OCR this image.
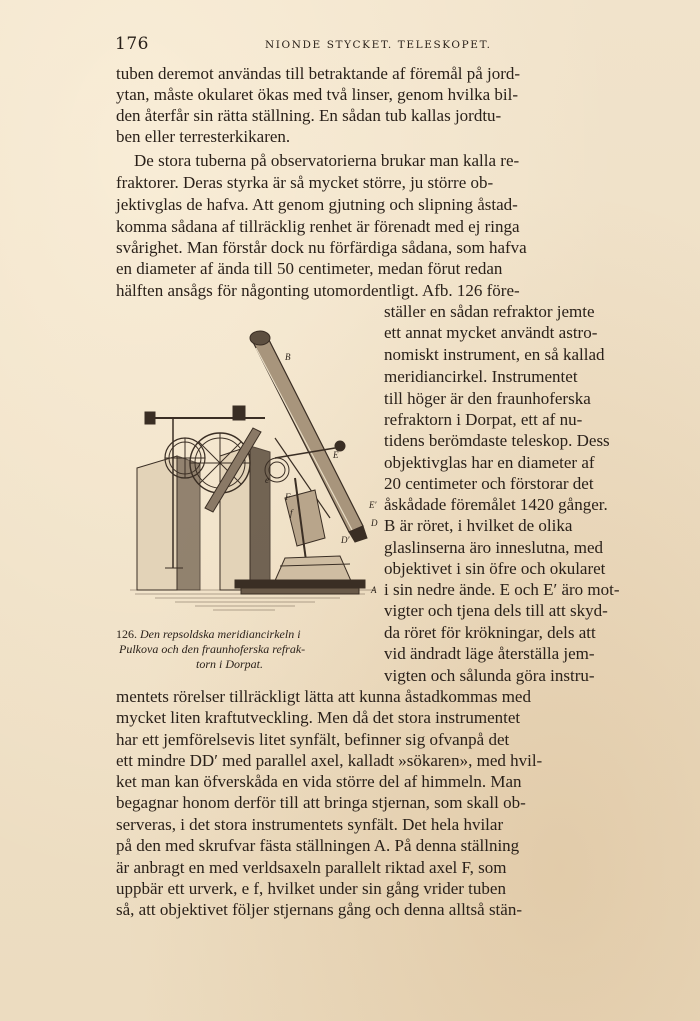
176	NIONDE STYCKET. TELESKOPET.
tuben deremot användas till betraktande af föremål på jord-
ytan, måste okularet ökas med två linser, genom hvilka bil-
den återfår sin rätta ställning. En sådan tub kallas jordtu-
ben eller terresterkikaren.
De stora tuberna på observatorierna brukar man kalla re-
fraktorer. Deras styrka är så mycket större, ju större ob-
jektivglas de hafva. Att genom gjutning och slipning åstad-
komma sådana af tillräcklig renhet är förenadt med ej ringa
svårighet. Man förstår dock nu förfärdiga sådana, som hafva
en diameter af ända till 50 centimeter, medan förut redan
hälften ansågs för någonting utomordentligt. Afb. 126 före-
ställer en sådan refraktor jemte
ett annat mycket användt astro-
nomiskt instrument, en så kallad
meridiancirkel. Instrumentet
till höger är den fraunhoferska
refraktorn i Dorpat, ett af nu-
tidens berömdaste teleskop. Dess
objektivglas har en diameter af
20 centimeter och förstorar det
åskådade föremålet 1420 gånger.
B är röret, i hvilket de olika
glaslinserna äro inneslutna, med
objektivet i sin öfre och okularet
i sin nedre ände. E och E′ äro mot-
vigter och tjena dels till att skyd-
da röret för krökningar, dels att
vid ändradt läge återställa jem-
vigten och sålunda göra instru-
mentets rörelser tillräckligt lätta att kunna åstadkommas med
mycket liten kraftutveckling. Men då det stora instrumentet
har ett jemförelsevis litet synfält, befinner sig ofvanpå det
ett mindre DD′ med parallel axel, kalladt »sökaren», med hvil-
ket man kan öfverskåda en vida större del af himmeln. Man
begagnar honom derför till att bringa stjernan, som skall ob-
serveras, i det stora instrumentets synfält. Det hela hvilar
på den med skrufvar fästa ställningen A. På denna ställning
är anbragt en med verldsaxeln parallelt riktad axel F, som
uppbär ett urverk, e f, hvilket under sin gång vrider tuben
så, att objektivet följer stjernans gång och denna alltså stän-
B
E
E′
D
D′
F
A
e
f
126. Den repsoldska meridiancirkeln i
Pulkova och den fraunhoferska refrak-
torn i Dorpat.
